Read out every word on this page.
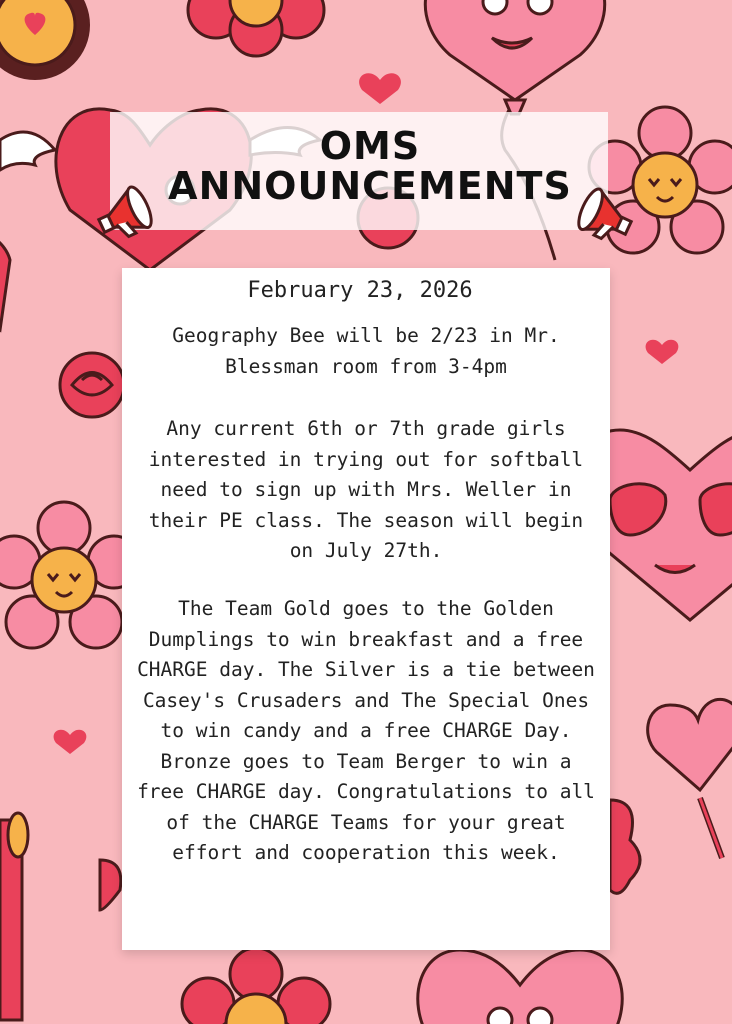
OMS
ANNOUNCEMENTS
February 23, 2026

Geography Bee will be 2/23 in Mr. Blessman room from 3-4pm

Any current 6th or 7th grade girls interested in trying out for softball need to sign up with Mrs. Weller in their PE class. The season will begin on July 27th.

The Team Gold goes to the Golden Dumplings to win breakfast and a free CHARGE day. The Silver is a tie between Casey's Crusaders and The Special Ones to win candy and a free CHARGE Day. Bronze goes to Team Berger to win a free CHARGE day. Congratulations to all of the CHARGE Teams for your great effort and cooperation this week.
